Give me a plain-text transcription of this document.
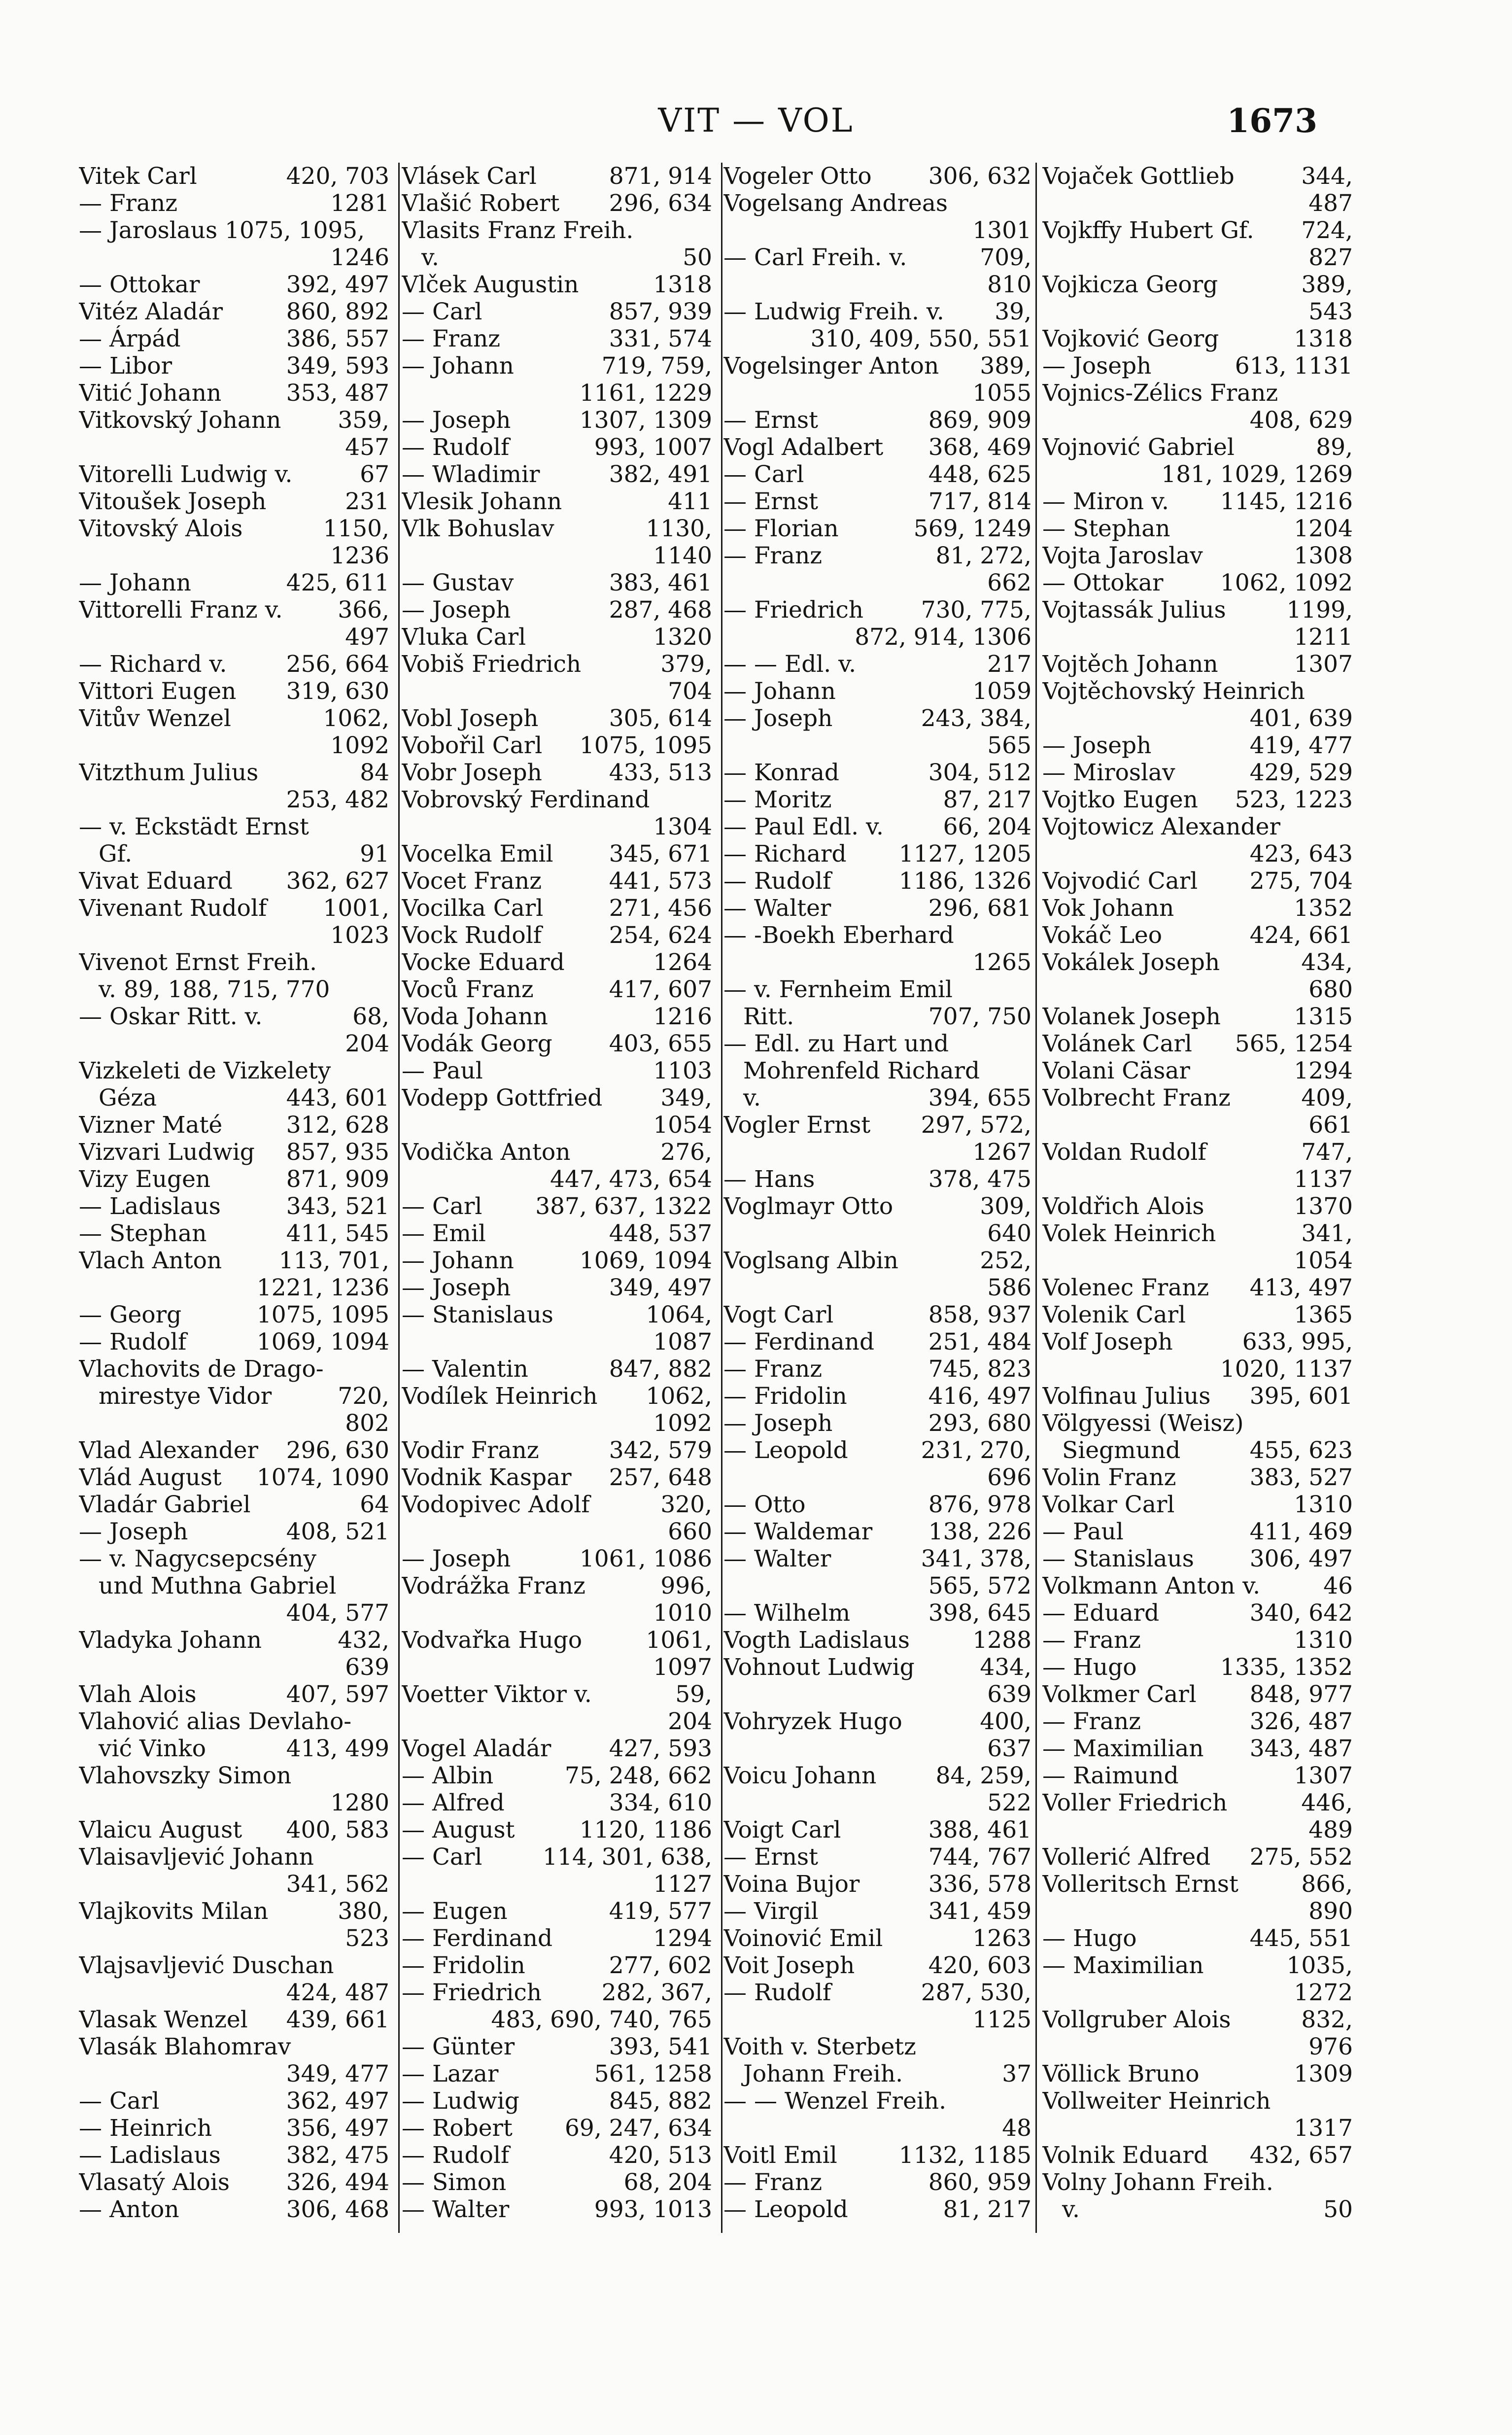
VIT — VOL	1673
Vitek Carl	420, 703
— Franz	1281
— Jaroslaus 1075, 1095,
1246
— Ottokar	392, 497
Vitéz Aladár	860, 892
— Árpád	386, 557
— Libor	349, 593
Vitić Johann	353, 487
Vitkovský Johann 359,
457
Vitorelli Ludwig v.	67
Vitoušek Joseph	231
Vitovský Alois	1150,
1236
— Johann	425, 611
Vittorelli Franz v. 366,
497
— Richard v.	256, 664
Vittori Eugen 319, 630
Vitův Wenzel	1062,
1092
Vitzthum Julius	84
253, 482
— v. Eckstädt Ernst
Gf.	91
Vivat Eduard 362, 627
Vivenant Rudolf 1001,
1023
Vivenot Ernst Freih.
v. 89, 188, 715, 770
— Oskar Ritt. v.	68,
204
Vizkeleti de Vizkelety
Géza	443, 601
Vizner Maté	312, 628
Vizvari Ludwig 857, 935
Vizy Eugen	871, 909
— Ladislaus	343, 521
— Stephan	411, 545
Vlach Anton 113, 701,
1221, 1236
— Georg	1075, 1095
— Rudolf	1069, 1094
Vlachovits de Drago-
mirestye Vidor	720,
802
Vlad Alexander 296, 630
Vlád August 1074, 1090
Vladár Gabriel	64
— Joseph	408, 521
— v. Nagycsepcsény
und Muthna Gabriel
404, 577
Vladyka Johann	432,
639
Vlah Alois	407, 597
Vlahović alias Devlaho-
vić Vinko	413, 499
Vlahovszky Simon
1280
Vlaicu August 400, 583
Vlaisavljević Johann
341, 562
Vlajkovits Milan	380,
523
Vlajsavljević Duschan
424, 487
Vlasak Wenzel 439, 661
Vlasák Blahomrav
349, 477
— Carl	362, 497
— Heinrich	356, 497
— Ladislaus	382, 475
Vlasatý Alois 326, 494
— Anton	306, 468
Vlásek Carl	871, 914
Vlašić Robert 296, 634
Vlasits Franz Freih.
v.	50
Vlček Augustin	1318
— Carl	857, 939
— Franz	331, 574
— Johann	719, 759,
1161, 1229
— Joseph	1307, 1309
— Rudolf	993, 1007
— Wladimir	382, 491
Vlesik Johann	411
Vlk Bohuslav	1130,
1140
— Gustav	383, 461
— Joseph	287, 468
Vluka Carl	1320
Vobiš Friedrich	379,
704
Vobl Joseph	305, 614
Vobořil Carl 1075, 1095
Vobr Joseph	433, 513
Vobrovský Ferdinand
1304
Vocelka Emil 345, 671
Vocet Franz	441, 573
Vocilka Carl	271, 456
Vock Rudolf	254, 624
Vocke Eduard	1264
Voců Franz	417, 607
Voda Johann	1216
Vodák Georg 403, 655
— Paul	1103
Vodepp Gottfried	349,
1054
Vodička Anton	276,
447, 473, 654
— Carl 387, 637, 1322
— Emil	448, 537
— Johann	1069, 1094
— Joseph	349, 497
— Stanislaus	1064,
1087
— Valentin	847, 882
Vodílek Heinrich 1062,
1092
Vodir Franz	342, 579
Vodnik Kaspar 257, 648
Vodopivec Adolf	320,
660
— Joseph	1061, 1086
Vodrážka Franz	996,
1010
Vodvařka Hugo	1061,
1097
Voetter Viktor v.	59,
204
Vogel Aladár 427, 593
— Albin	75, 248, 662
— Alfred	334, 610
— August	1120, 1186
— Carl	114, 301, 638,
1127
— Eugen	419, 577
— Ferdinand	1294
— Fridolin	277, 602
— Friedrich	282, 367,
483, 690, 740, 765
— Günter	393, 541
— Lazar	561, 1258
— Ludwig	845, 882
— Robert 69, 247, 634
— Rudolf	420, 513
— Simon	68, 204
— Walter	993, 1013
Vogeler Otto 306, 632
Vogelsang Andreas
1301
— Carl Freih. v.	709,
810
— Ludwig Freih. v. 39,
310, 409, 550, 551
Vogelsinger Anton 389,
1055
— Ernst	869, 909
Vogl Adalbert 368, 469
— Carl	448, 625
— Ernst	717, 814
— Florian	569, 1249
— Franz	81, 272,
662
— Friedrich 730, 775,
872, 914, 1306
— — Edl. v.	217
— Johann	1059
— Joseph	243, 384,
565
— Konrad	304, 512
— Moritz	87, 217
— Paul Edl. v.	66, 204
— Richard 1127, 1205
— Rudolf	1186, 1326
— Walter	296, 681
— -Boekh Eberhard
1265
— v. Fernheim Emil
Ritt.	707, 750
— Edl. zu Hart und
Mohrenfeld Richard
v.	394, 655
Vogler Ernst 297, 572,
1267
— Hans	378, 475
Voglmayr Otto	309,
640
Voglsang Albin	252,
586
Vogt Carl	858, 937
— Ferdinand 251, 484
— Franz	745, 823
— Fridolin	416, 497
— Joseph	293, 680
— Leopold	231, 270,
696
— Otto	876, 978
— Waldemar 138, 226
— Walter	341, 378,
565, 572
— Wilhelm	398, 645
Vogth Ladislaus	1288
Vohnout Ludwig	434,
639
Vohryzek Hugo	400,
637
Voicu Johann	84, 259,
522
Voigt Carl	388, 461
— Ernst	744, 767
Voina Bujor	336, 578
— Virgil	341, 459
Voinović Emil	1263
Voit Joseph	420, 603
— Rudolf	287, 530,
1125
Voith v. Sterbetz
Johann Freih.	37
— — Wenzel Freih.
48
Voitl Emil	1132, 1185
— Franz	860, 959
— Leopold	81, 217
Vojaček Gottlieb	344,
487
Vojkffy Hubert Gf. 724,
827
Vojkicza Georg	389,
543
Vojković Georg	1318
— Joseph	613, 1131
Vojnics-Zélics Franz
408, 629
Vojnović Gabriel	89,
181, 1029, 1269
— Miron v. 1145, 1216
— Stephan	1204
Vojta Jaroslav	1308
— Ottokar 1062, 1092
Vojtassák Julius	1199,
1211
Vojtěch Johann	1307
Vojtěchovský Heinrich
401, 639
— Joseph	419, 477
— Miroslav	429, 529
Vojtko Eugen 523, 1223
Vojtowicz Alexander
423, 643
Vojvodić Carl 275, 704
Vok Johann	1352
Vokáč Leo	424, 661
Vokálek Joseph	434,
680
Volanek Joseph	1315
Volánek Carl 565, 1254
Volani Cäsar	1294
Volbrecht Franz	409,
661
Voldan Rudolf	747,
1137
Voldřich Alois	1370
Volek Heinrich	341,
1054
Volenec Franz 413, 497
Volenik Carl	1365
Volf Joseph	633, 995,
1020, 1137
Volfinau Julius 395, 601
Völgyessi (Weisz)
Siegmund	455, 623
Volin Franz	383, 527
Volkar Carl	1310
— Paul	411, 469
— Stanislaus 306, 497
Volkmann Anton v.	46
— Eduard	340, 642
— Franz	1310
— Hugo	1335, 1352
Volkmer Carl 848, 977
— Franz	326, 487
— Maximilian 343, 487
— Raimund	1307
Voller Friedrich	446,
489
Vollerić Alfred 275, 552
Volleritsch Ernst	866,
890
— Hugo	445, 551
— Maximilian	1035,
1272
Vollgruber Alois	832,
976
Völlick Bruno	1309
Vollweiter Heinrich
1317
Volnik Eduard 432, 657
Volny Johann Freih.
v.	50
